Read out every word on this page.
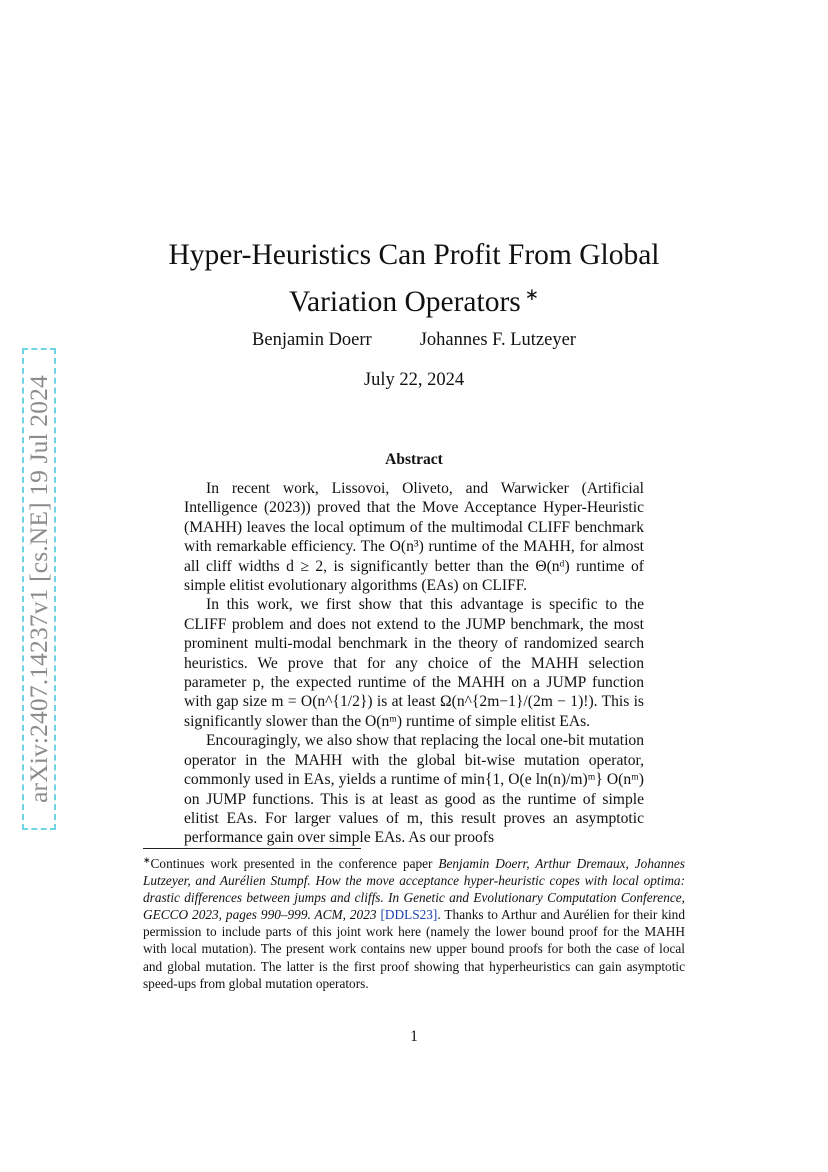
arXiv:2407.14237v1 [cs.NE] 19 Jul 2024
Hyper-Heuristics Can Profit From Global
Variation Operators ∗
Benjamin Doerr	Johannes F. Lutzeyer
July 22, 2024
Abstract

In recent work, Lissovoi, Oliveto, and Warwicker (Artificial Intelligence (2023)) proved that the Move Acceptance Hyper-Heuristic (MAHH) leaves the local optimum of the multimodal CLIFF benchmark with remarkable efficiency. The O(n³) runtime of the MAHH, for almost all cliff widths d ≥ 2, is significantly better than the Θ(nᵈ) runtime of simple elitist evolutionary algorithms (EAs) on CLIFF.

In this work, we first show that this advantage is specific to the CLIFF problem and does not extend to the JUMP benchmark, the most prominent multi-modal benchmark in the theory of randomized search heuristics. We prove that for any choice of the MAHH selection parameter p, the expected runtime of the MAHH on a JUMP function with gap size m = O(n^{1/2}) is at least Ω(n^{2m−1}/(2m − 1)!). This is significantly slower than the O(nᵐ) runtime of simple elitist EAs.

Encouragingly, we also show that replacing the local one-bit mutation operator in the MAHH with the global bit-wise mutation operator, commonly used in EAs, yields a runtime of min{1, O(e ln(n)/m)ᵐ} O(nᵐ) on JUMP functions. This is at least as good as the runtime of simple elitist EAs. For larger values of m, this result proves an asymptotic performance gain over simple EAs. As our proofs

∗Continues work presented in the conference paper Benjamin Doerr, Arthur Dremaux, Johannes Lutzeyer, and Aurélien Stumpf. How the move acceptance hyper-heuristic copes with local optima: drastic differences between jumps and cliffs. In Genetic and Evolutionary Computation Conference, GECCO 2023, pages 990–999. ACM, 2023 [DDLS23]. Thanks to Arthur and Aurélien for their kind permission to include parts of this joint work here (namely the lower bound proof for the MAHH with local mutation). The present work contains new upper bound proofs for both the case of local and global mutation. The latter is the first proof showing that hyperheuristics can gain asymptotic speed-ups from global mutation operators.
1
